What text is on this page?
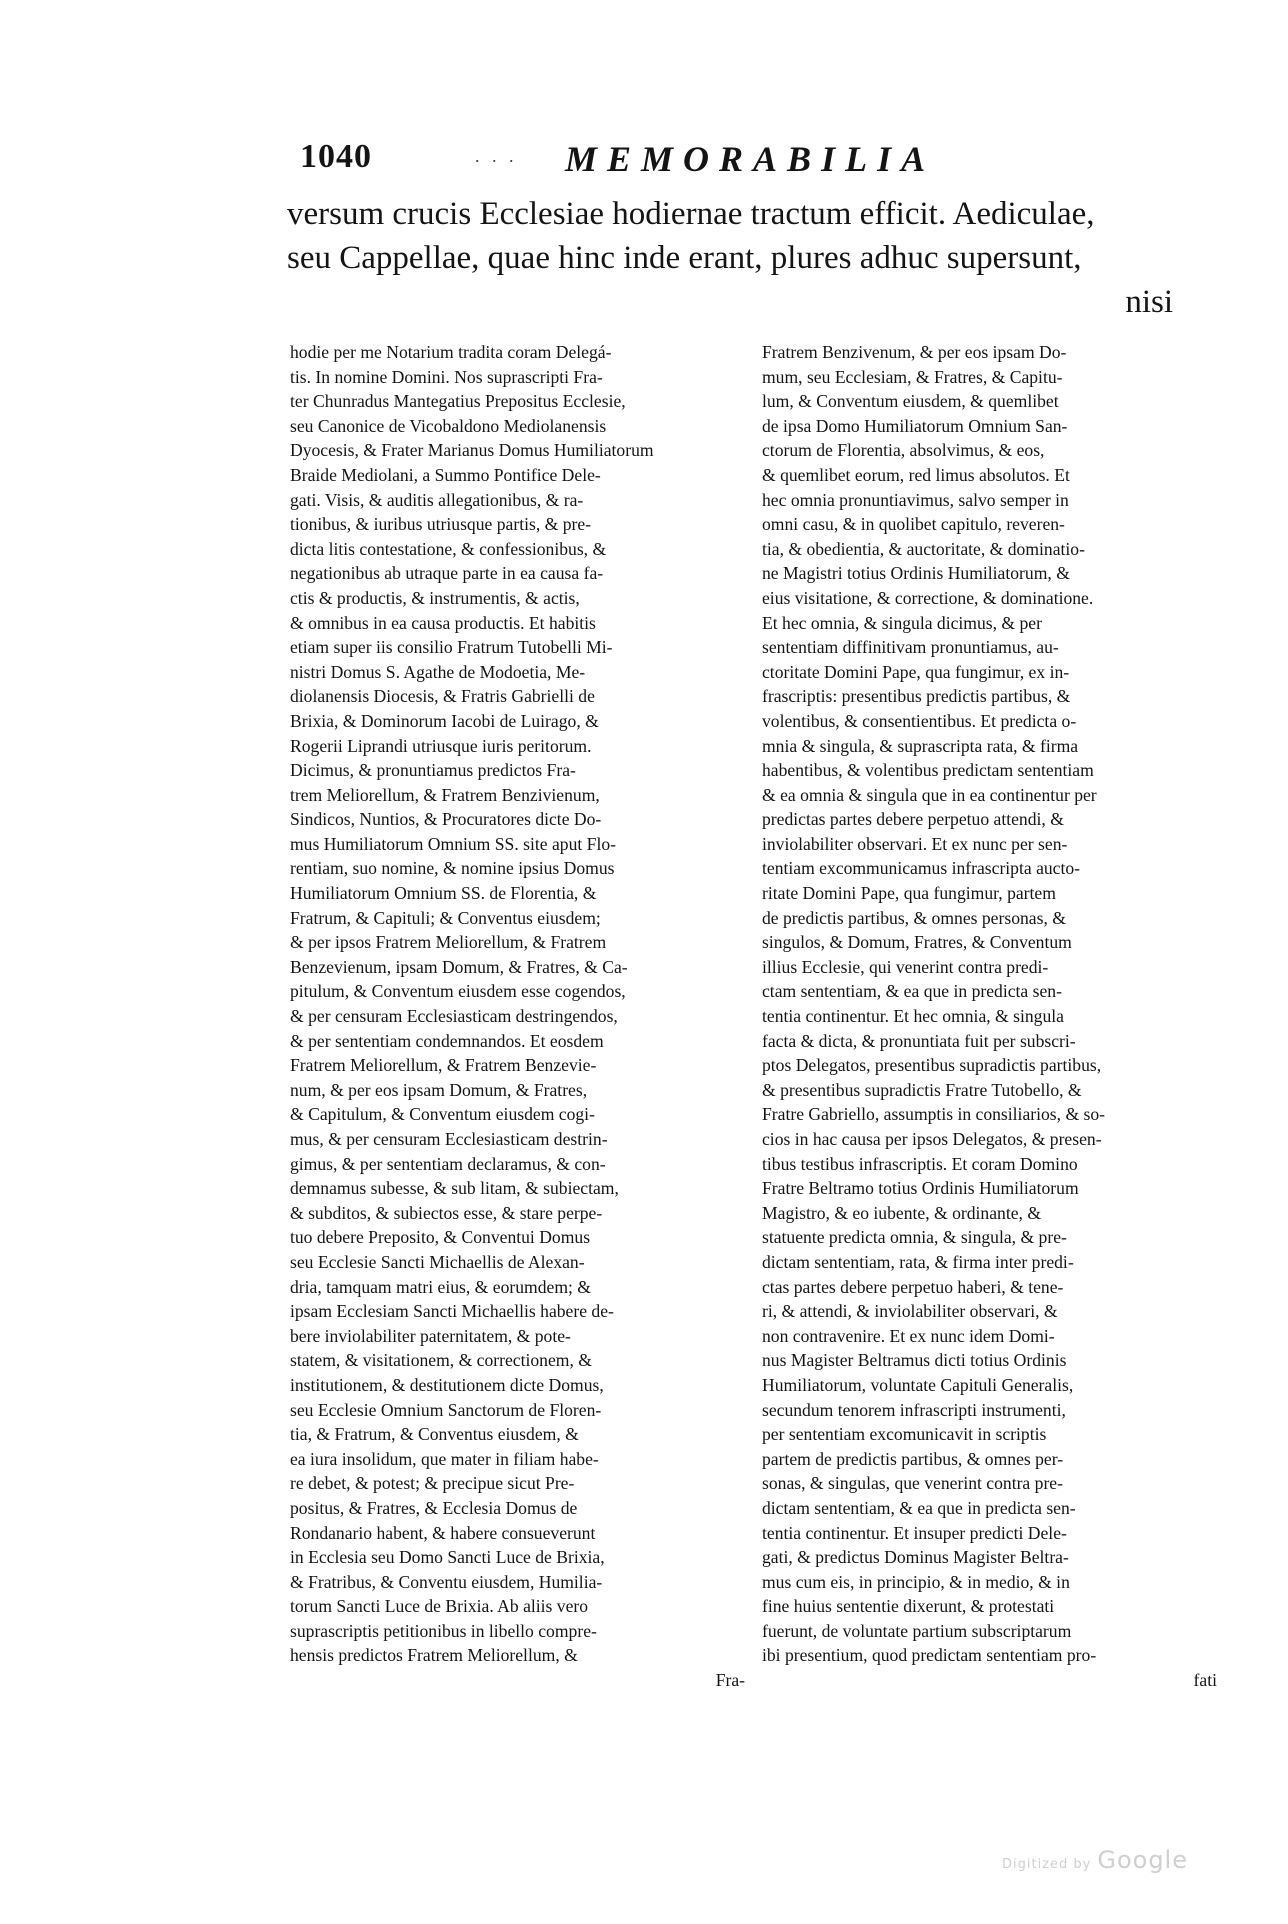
1040	. . . MEMORABILIA
versum crucis Ecclesiae hodiernae tractum efficit. Aediculae,
seu Cappellae, quae hinc inde erant, plures adhuc supersunt,
nisi
hodie per me Notarium tradita coram Delegá-
tis. In nomine Domini. Nos suprascripti Fra-
ter Chunradus Mantegatius Prepositus Ecclesie,
seu Canonice de Vicobaldono Mediolanensis
Dyocesis, & Frater Marianus Domus Humiliatorum
Braide Mediolani, a Summo Pontifice Dele-
gati. Visis, & auditis allegationibus, & ra-
tionibus, & iuribus utriusque partis, & pre-
dicta litis contestatione, & confessionibus, &
negationibus ab utraque parte in ea causa fa-
ctis & productis, & instrumentis, & actis,
& omnibus in ea causa productis. Et habitis
etiam super iis consilio Fratrum Tutobelli Mi-
nistri Domus S. Agathe de Modoetia, Me-
diolanensis Diocesis, & Fratris Gabrielli de
Brixia, & Dominorum Iacobi de Luirago, &
Rogerii Liprandi utriusque iuris peritorum.
Dicimus, & pronuntiamus predictos Fra-
trem Meliorellum, & Fratrem Benzivienum,
Sindicos, Nuntios, & Procuratores dicte Do-
mus Humiliatorum Omnium SS. site aput Flo-
rentiam, suo nomine, & nomine ipsius Domus
Humiliatorum Omnium SS. de Florentia, &
Fratrum, & Capituli; & Conventus eiusdem;
& per ipsos Fratrem Meliorellum, & Fratrem
Benzevienum, ipsam Domum, & Fratres, & Ca-
pitulum, & Conventum eiusdem esse cogendos,
& per censuram Ecclesiasticam destringendos,
& per sententiam condemnandos. Et eosdem
Fratrem Meliorellum, & Fratrem Benzevie-
num, & per eos ipsam Domum, & Fratres,
& Capitulum, & Conventum eiusdem cogi-
mus, & per censuram Ecclesiasticam destrin-
gimus, & per sententiam declaramus, & con-
demnamus subesse, & sub litam, & subiectam,
& subditos, & subiectos esse, & stare perpe-
tuo debere Preposito, & Conventui Domus
seu Ecclesie Sancti Michaellis de Alexan-
dria, tamquam matri eius, & eorumdem; &
ipsam Ecclesiam Sancti Michaellis habere de-
bere inviolabiliter paternitatem, & pote-
statem, & visitationem, & correctionem, &
institutionem, & destitutionem dicte Domus,
seu Ecclesie Omnium Sanctorum de Floren-
tia, & Fratrum, & Conventus eiusdem, &
ea iura insolidum, que mater in filiam habe-
re debet, & potest; & precipue sicut Pre-
positus, & Fratres, & Ecclesia Domus de
Rondanario habent, & habere consueverunt
in Ecclesia seu Domo Sancti Luce de Brixia,
& Fratribus, & Conventu eiusdem, Humilia-
torum Sancti Luce de Brixia. Ab aliis vero
suprascriptis petitionibus in libello compre-
hensis predictos Fratrem Meliorellum, &
Fra-
Fratrem Benzivenum, & per eos ipsam Do-
mum, seu Ecclesiam, & Fratres, & Capitu-
lum, & Conventum eiusdem, & quemlibet
de ipsa Domo Humiliatorum Omnium San-
ctorum de Florentia, absolvimus, & eos,
& quemlibet eorum, red limus absolutos. Et
hec omnia pronuntiavimus, salvo semper in
omni casu, & in quolibet capitulo, reveren-
tia, & obedientia, & auctoritate, & dominatio-
ne Magistri totius Ordinis Humiliatorum, &
eius visitatione, & correctione, & dominatione.
Et hec omnia, & singula dicimus, & per
sententiam diffinitivam pronuntiamus, au-
ctoritate Domini Pape, qua fungimur, ex in-
frascriptis: presentibus predictis partibus, &
volentibus, & consentientibus. Et predicta o-
mnia & singula, & suprascripta rata, & firma
habentibus, & volentibus predictam sententiam
& ea omnia & singula que in ea continentur per
predictas partes debere perpetuo attendi, &
inviolabiliter observari. Et ex nunc per sen-
tentiam excommunicamus infrascripta aucto-
ritate Domini Pape, qua fungimur, partem
de predictis partibus, & omnes personas, &
singulos, & Domum, Fratres, & Conventum
illius Ecclesie, qui venerint contra predi-
ctam sententiam, & ea que in predicta sen-
tentia continentur. Et hec omnia, & singula
facta & dicta, & pronuntiata fuit per subscri-
ptos Delegatos, presentibus supradictis partibus,
& presentibus supradictis Fratre Tutobello, &
Fratre Gabriello, assumptis in consiliarios, & so-
cios in hac causa per ipsos Delegatos, & presen-
tibus testibus infrascriptis. Et coram Domino
Fratre Beltramo totius Ordinis Humiliatorum
Magistro, & eo iubente, & ordinante, &
statuente predicta omnia, & singula, & pre-
dictam sententiam, rata, & firma inter predi-
ctas partes debere perpetuo haberi, & tene-
ri, & attendi, & inviolabiliter observari, &
non contravenire. Et ex nunc idem Domi-
nus Magister Beltramus dicti totius Ordinis
Humiliatorum, voluntate Capituli Generalis,
secundum tenorem infrascripti instrumenti,
per sententiam excomunicavit in scriptis
partem de predictis partibus, & omnes per-
sonas, & singulas, que venerint contra pre-
dictam sententiam, & ea que in predicta sen-
tentia continentur. Et insuper predicti Dele-
gati, & predictus Dominus Magister Beltra-
mus cum eis, in principio, & in medio, & in
fine huius sententie dixerunt, & protestati
fuerunt, de voluntate partium subscriptarum
ibi presentium, quod predictam sententiam pro-
fati
Digitized by Google
